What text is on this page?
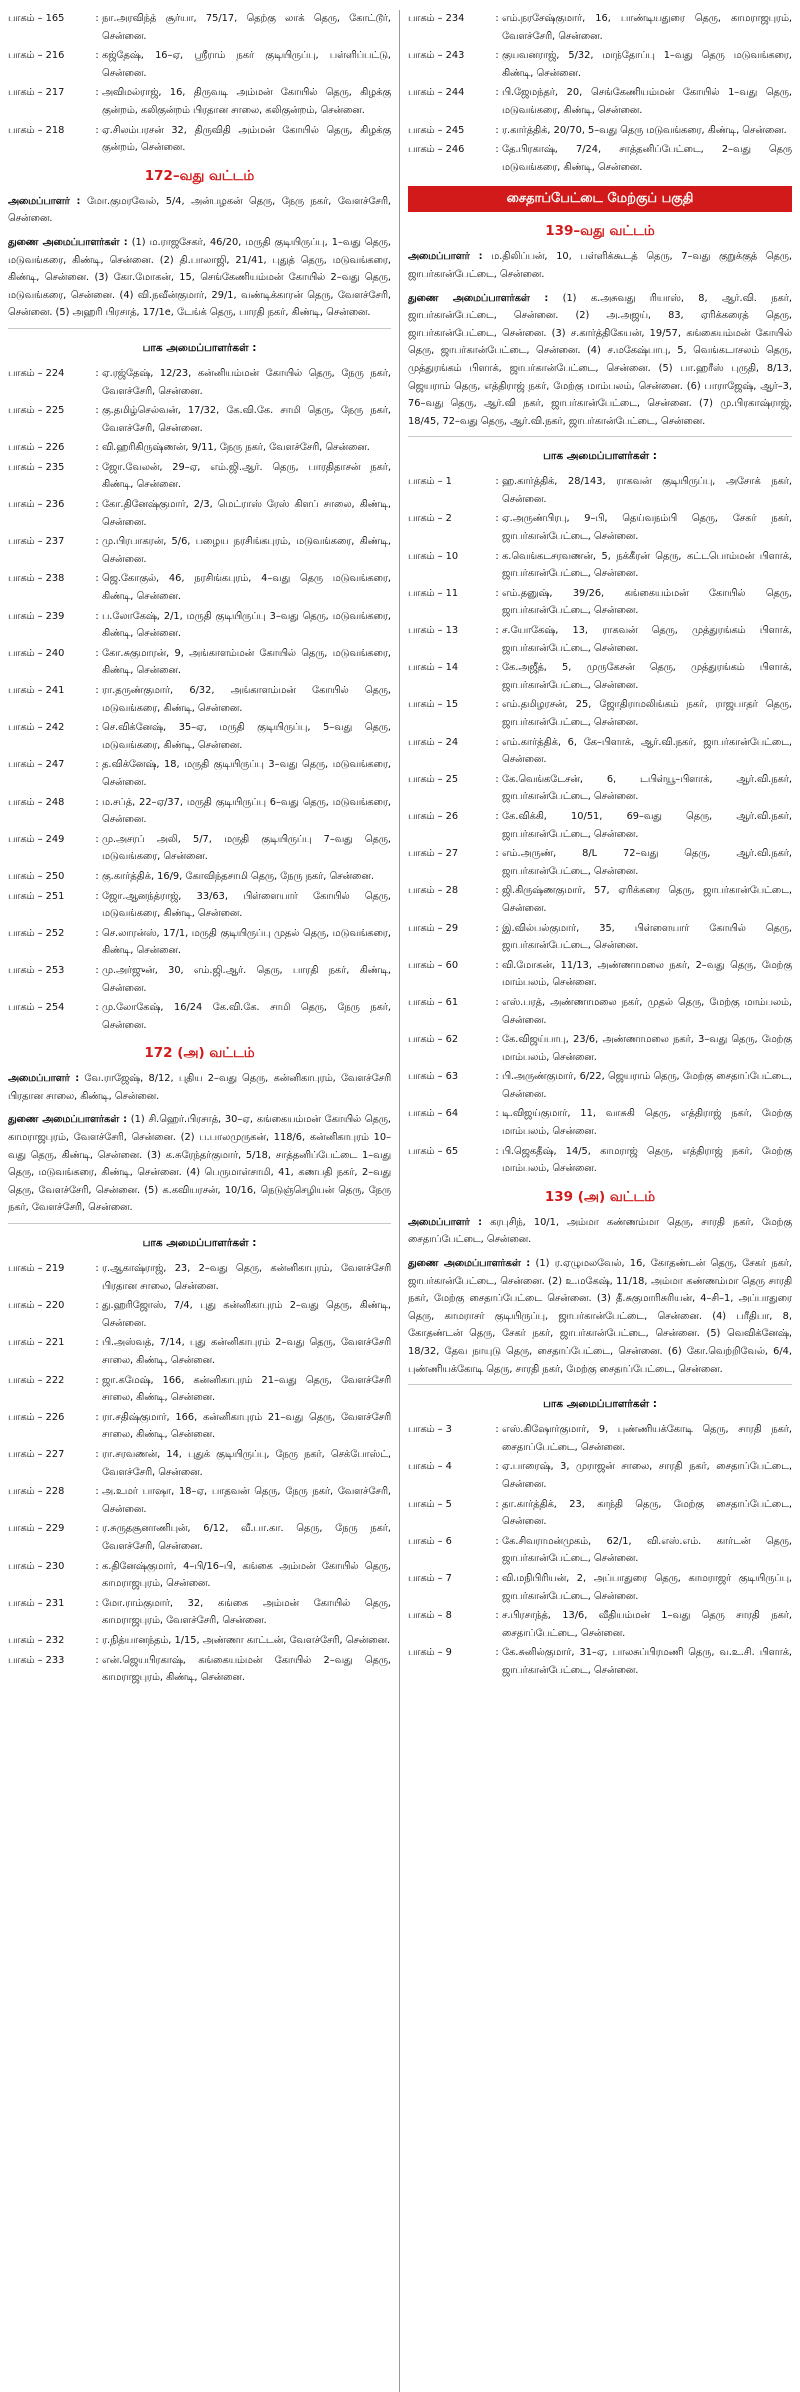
பாகம் – 165	: நா.அரவிந்த் சூர்யா, 75/17, தெற்கு லாக் தெரு, கோட்டூர், சென்னை.
பாகம் – 216	: கஜ்தேஷ், 16–ஏ, ஸ்ரீராம் நகர் குடியிருப்பு, பள்ளிப்பட்டு, சென்னை.
பாகம் – 217	: அவிமல்ராஜ், 16, திருவடி அம்மன் கோயில் தெரு, கிழக்கு குன்றம், கலிகுன்றம் பிரதான சாலை, கலிகுன்றம், சென்னை.
பாகம் – 218	: ஏ.சிலம்பரசன் 32, திருவிதி அம்மன் கோயில் தெரு, கிழக்கு குன்றம், சென்னை.
172–வது வட்டம்

அமைப்பாளர் : மோ.குமரவேல், 5/4, அன்பழகன் தெரு, நேரு நகர், வேளச்சேரி, சென்னை.

துணை அமைப்பாளர்கள் : (1) ம.ராஜசேகர், 46/20, மருதி குடியிருப்பு, 1–வது தெரு, மடுவங்கரை, கிண்டி, சென்னை. (2) தி.பாலாஜி, 21/41, புதுத் தெரு, மடுவங்கரை, கிண்டி, சென்னை. (3) கோ.மோகன், 15, செங்கேணியம்மன் கோயில் 2–வது தெரு, மடுவங்கரை, சென்னை. (4) வி.நவீன்குமார், 29/1, வண்டிக்காரன் தெரு, வேளச்சேரி, சென்னை. (5) அஹரி பிரசாத், 17/1e, டேங்க் தெரு, பாரதி நகர், கிண்டி, சென்னை.

பாக அமைப்பாளர்கள் :
பாகம் – 224	: ஏ.ரஜ்தேஷ், 12/23, கன்னியம்மன் கோயில் தெரு, நேரு நகர், வேளச்சேரி, சென்னை.
பாகம் – 225	: கு.தமிழ்செல்வன், 17/32, கே.வி.கே. சாமி தெரு, நேரு நகர், வேளச்சேரி, சென்னை.
பாகம் – 226	: வி.ஹரிகிருஷ்ணன், 9/11, நேரு நகர், வேளச்சேரி, சென்னை.
பாகம் – 235	: ஜோ.வேலன், 29–ஏ, எம்.ஜி.ஆர். தெரு, பாரதிதாசன் நகர், கிண்டி, சென்னை.
பாகம் – 236	: கோ.தினேஷ்குமார், 2/3, மெட்ராஸ் ரேஸ் கிளப் சாலை, கிண்டி, சென்னை.
பாகம் – 237	: மு.பிரபாகரன், 5/6, பழைய நரசிங்கபுரம், மடுவங்கரை, கிண்டி, சென்னை.
பாகம் – 238	: ஜெ.கோகுல், 46, நரசிங்கபுரம், 4–வது தெரு மடுவங்கரை, கிண்டி, சென்னை.
பாகம் – 239	: ப.லோகேஷ், 2/1, மருதி குடியிருப்பு 3–வது தெரு, மடுவங்கரை, கிண்டி, சென்னை.
பாகம் – 240	: கோ.சுகுமாரன், 9, அங்காளம்மன் கோயில் தெரு, மடுவங்கரை, கிண்டி, சென்னை.
பாகம் – 241	: ரா.தருண்குமார், 6/32, அங்காளம்மன் கோயில் தெரு, மடுவங்கரை, கிண்டி, சென்னை.
பாகம் – 242	: செ.விக்னேஷ், 35–ஏ, மருதி குடியிருப்பு, 5–வது தெரு, மடுவங்கரை, கிண்டி, சென்னை.
பாகம் – 247	: த.விக்னேஷ், 18, மருதி குடியிருப்பு 3–வது தெரு, மடுவங்கரை, சென்னை.
பாகம் – 248	: ம.சப்த், 22–ஏ/37, மருதி குடியிருப்பு 6–வது தெரு, மடுவங்கரை, சென்னை.
பாகம் – 249	: மு.அசரப் அலி, 5/7, மருதி குடியிருப்பு 7–வது தெரு, மடுவங்கரை, சென்னை.
பாகம் – 250	: கு.கார்த்திக், 16/9, கோவிந்தசாமி தெரு, நேரு நகர், சென்னை.
பாகம் – 251	: ஜோ.ஆனந்த்ராஜ், 33/63, பிள்ளையார் கோயில் தெரு, மடுவங்கரை, கிண்டி, சென்னை.
பாகம் – 252	: செ.லாரன்ஸ், 17/1, மருதி குடியிருப்பு முதல் தெரு, மடுவங்கரை, கிண்டி, சென்னை.
பாகம் – 253	: மு.அர்ஜுன், 30, எம்.ஜி.ஆர். தெரு, பாரதி நகர், கிண்டி, சென்னை.
பாகம் – 254	: மு.லோகேஷ், 16/24 கே.வி.கே. சாமி தெரு, நேரு நகர், சென்னை.
172 (அ) வட்டம்

அமைப்பாளர் : வே.ராஜேஷ், 8/12, புதிய 2–வது தெரு, கன்னிகாபுரம், வேளச்சேரி பிரதான சாலை, கிண்டி, சென்னை.

துணை அமைப்பாளர்கள் : (1) சி.ஹெர்.பிரசாத், 30–ஏ, கங்கையம்மன் கோயில் தெரு, காமராஜபுரம், வேளச்சேரி, சென்னை. (2) ப.பாலமுருகன், 118/6, கன்னிகாபுரம் 10–வது தெரு, கிண்டி, சென்னை. (3) க.சுரேந்தர்குமார், 5/18, சாத்தனிப்பேட்டை 1–வது தெரு, மடுவங்கரை, கிண்டி, சென்னை. (4) பெருமாள்சாமி, 41, கணபதி நகர், 2–வது தெரு, வேளச்சேரி, சென்னை. (5) க.கவியரசன், 10/16, நெடுஞ்செழியன் தெரு, நேரு நகர், வேளச்சேரி, சென்னை.

பாக அமைப்பாளர்கள் :
பாகம் – 219	: ர.ஆகாஷ்ராஜ், 23, 2–வது தெரு, கன்னிகாபுரம், வேளச்சேரி பிரதான சாலை, சென்னை.
பாகம் – 220	: து.ஹரிஜோஸ், 7/4, புது கன்னிகாபுரம் 2–வது தெரு, கிண்டி, சென்னை.
பாகம் – 221	: பி.அஸ்வத், 7/14, புது கன்னிகாபுரம் 2–வது தெரு, வேளச்சேரி சாலை, கிண்டி, சென்னை.
பாகம் – 222	: ஜா.கமேஷ், 166, கன்னிகாபுரம் 21–வது தெரு, வேளச்சேரி சாலை, கிண்டி, சென்னை.
பாகம் – 226	: ரா.சதிஷ்குமார், 166, கன்னிகாபுரம் 21–வது தெரு, வேளச்சேரி சாலை, கிண்டி, சென்னை.
பாகம் – 227	: ரா.சரவணன், 14, புதுக் குடியிருப்பு, நேரு நகர், செக்போஸ்ட், வேளச்சேரி, சென்னை.
பாகம் – 228	: அ.உமர் பாஷா, 18–ஏ, பாதவன் தெரு, நேரு நகர், வேளச்சேரி, சென்னை.
பாகம் – 229	: ர.சுருதசூனாணிபுன், 6/12, வீ.பா.கா. தெரு, நேரு நகர், வேளச்சேரி, சென்னை.
பாகம் – 230	: க.தினேஷ்குமார், 4–பி/16–பி, கங்கை அம்மன் கோயில் தெரு, காமராஜபுரம், சென்னை.
பாகம் – 231	: மோ.ராம்குமார், 32, கங்கை அம்மன் கோயில் தெரு, காமராஜபுரம், வேளச்சேரி, சென்னை.
பாகம் – 232	: ர.நித்யானந்தம், 1/15, அண்ணா காட்டன், வேளச்சேரி, சென்னை.
பாகம் – 233	: என்.ஜெயபிரகாஷ், கங்கையம்மன் கோயில் 2–வது தெரு, காமராஜபுரம், கிண்டி, சென்னை.
பாகம் – 234	: எம்.நரசேஷ்குமார், 16, பாண்டியதுரை தெரு, காமராஜபுரம், வேளச்சேரி, சென்னை.
பாகம் – 243	: குயவனராஜ், 5/32, மாந்தோப்பு 1–வது தெரு மடுவங்கரை, கிண்டி, சென்னை.
பாகம் – 244	: பி.ஜேமந்தர், 20, செங்கேணியம்மன் கோயில் 1–வது தெரு, மடுவங்கரை, கிண்டி, சென்னை.
பாகம் – 245	: ர.கார்த்திக், 20/70, 5–வது தெரு மடுவங்கரை, கிண்டி, சென்னை.
பாகம் – 246	: தே.பிரகாஷ், 7/24, சாத்தனிப்பேட்டை, 2–வது தெரு மடுவங்கரை, கிண்டி, சென்னை.
சைதாப்பேட்டை மேற்குப் பகுதி
139–வது வட்டம்

அமைப்பாளர் : ம.திலிப்பன், 10, பள்ளிக்கூடத் தெரு, 7–வது குறுக்குத் தெரு, ஜாபர்கான்பேட்டை, சென்னை.

துணை அமைப்பாளர்கள் : (1) க.அசுவது ரியாஸ், 8, ஆர்.வி. நகர், ஜாபர்கான்பேட்டை, சென்னை. (2) அ.அஜய், 83, ஏரிக்கரைத் தெரு, ஜாபர்கான்பேட்டை, சென்னை. (3) ச.கார்த்திகேயன், 19/57, கங்கையம்மன் கோயில் தெரு, ஜாபர்கான்பேட்டை, சென்னை. (4) ச.மகேஷ்பாபு, 5, வெங்கடாசலம் தெரு, முத்துரங்கம் பிளாக், ஜாபர்கான்பேட்டை, சென்னை. (5) பா.ஹரீஸ் புருதி, 8/13, ஜெயராம் தெரு, எத்திராஜ் நகர், மேற்கு மாம்பலம், சென்னை. (6) பாராஜேஷ், ஆர்–3, 76–வது தெரு, ஆர்.வி நகர், ஜாபர்கான்பேட்டை, சென்னை. (7) மு.பிரகாஷ்ராஜ், 18/45, 72–வது தெரு, ஆர்.வி.நகர், ஜாபர்கான்பேட்டை, சென்னை.

பாக அமைப்பாளர்கள் :
பாகம் – 1	: ஹ.கார்த்திக், 28/143, ராகவன் குடியிருப்பு, அசோக் நகர், சென்னை.
பாகம் – 2	: ஏ.அருண்பிரபு, 9–பி, தெய்வநம்பி தெரு, சேகர் நகர், ஜாபர்கான்பேட்டை, சென்னை.
பாகம் – 10	: க.வெங்கடசரவணன், 5, நக்கீரன் தெரு, கட்டபொம்மன் பிளாக், ஜாபர்கான்பேட்டை, சென்னை.
பாகம் – 11	: எம்.தனுஷ், 39/26, கங்கையம்மன் கோயில் தெரு, ஜாபர்கான்பேட்டை, சென்னை.
பாகம் – 13	: ச.யோகேஷ், 13, ராகவன் தெரு, முத்துரங்கம் பிளாக், ஜாபர்கான்பேட்டை, சென்னை.
பாகம் – 14	: கே.அஜீத், 5, முருகேசன் தெரு, முத்துரங்கம் பிளாக், ஜாபர்கான்பேட்டை, சென்னை.
பாகம் – 15	: எம்.தமிழரசன், 25, ஜோதிராமலிங்கம் நகர், ராஜபாதர் தெரு, ஜாபர்கான்பேட்டை, சென்னை.
பாகம் – 24	: எம்.கார்த்திக், 6, கே–பிளாக், ஆர்.வி.நகர், ஜாபர்கான்பேட்டை, சென்னை.
பாகம் – 25	: கே.வெங்கடேசன், 6, டபிள்யூ–பிளாக், ஆர்.வி.நகர், ஜாபர்கான்பேட்டை, சென்னை.
பாகம் – 26	: கே.விக்கி, 10/51, 69–வது தெரு, ஆர்.வி.நகர், ஜாபர்கான்பேட்டை, சென்னை.
பாகம் – 27	: எம்.அருண், 8/L 72–வது தெரு, ஆர்.வி.நகர், ஜாபர்கான்பேட்டை, சென்னை.
பாகம் – 28	: ஜி.கிருஷ்ணகுமார், 57, ஏரிக்கரை தெரு, ஜாபர்கான்பேட்டை, சென்னை.
பாகம் – 29	: இ.வில்பல்குமார், 35, பிள்ளையார் கோயில் தெரு, ஜாபர்கான்பேட்டை, சென்னை.
பாகம் – 60	: வி.மோகன், 11/13, அண்ணாமலை நகர், 2–வது தெரு, மேற்கு மாம்பலம், சென்னை.
பாகம் – 61	: எஸ்.பரத், அண்ணாமலை நகர், முதல் தெரு, மேற்கு மாம்பலம், சென்னை.
பாகம் – 62	: கே.விஜய்பாபு, 23/6, அண்ணாமலை நகர், 3–வது தெரு, மேற்கு மாம்பலம், சென்னை.
பாகம் – 63	: பி.அருண்குமார், 6/22, ஜெயராம் தெரு, மேற்கு சைதாப்பேட்டை, சென்னை.
பாகம் – 64	: டி.விஜய்குமார், 11, வாசுகி தெரு, எத்திராஜ் நகர், மேற்கு மாம்பலம், சென்னை.
பாகம் – 65	: பி.ஜெகதீஷ், 14/5, காமராஜ் தெரு, எத்திராஜ் நகர், மேற்கு மாம்பலம், சென்னை.
139 (அ) வட்டம்

அமைப்பாளர் : கரபுசிந், 10/1, அம்மா கண்ணம்மா தெரு, சாரதி நகர், மேற்கு சைதாப்பேட்டை, சென்னை.

துணை அமைப்பாளர்கள் : (1) ர.ஏழுமலவேல், 16, கோதண்டன் தெரு, சேகர் நகர், ஜாபர்கான்பேட்டை, சென்னை. (2) உ.மகேஷ், 11/18, அம்மா கண்ணம்மா தெரு சாரதி நகர், மேற்கு சைதாப்பேட்டை சென்னை. (3) தீ.சுகுமாரிசுரியன், 4–சி–1, அப்பாதுரை தெரு, காமராசர் குடியிருப்பு, ஜாபர்கான்பேட்டை, சென்னை. (4) பரீதிபா, 8, கோதண்டன் தெரு, சேகர் நகர், ஜாபர்கான்பேட்டை, சென்னை. (5) வெவிக்னேஷ், 18/32, தேவ நாயுடு தெரு, சைதாப்பேட்டை, சென்னை. (6) கோ.வெற்றிவேல், 6/4, புண்ணியக்கோடி தெரு, சாரதி நகர், மேற்கு சைதாப்பேட்டை, சென்னை.

பாக அமைப்பாளர்கள் :
பாகம் – 3	: எஸ்.கிஷோர்குமார், 9, புண்ணியக்கோடி தெரு, சாரதி நகர், சைதாப்பேட்டை, சென்னை.
பாகம் – 4	: ஏ.பாரைஷ், 3, முராஜன் சாலை, சாரதி நகர், சைதாப்பேட்டை, சென்னை.
பாகம் – 5	: தா.கார்த்திக், 23, காந்தி தெரு, மேற்கு சைதாப்பேட்டை, சென்னை.
பாகம் – 6	: கே.சிவராமன்முகம், 62/1, வி.எஸ்.எம். கார்டன் தெரு, ஜாபர்கான்பேட்டை, சென்னை.
பாகம் – 7	: வி.மநிபிரியன், 2, அப்பாதுரை தெரு, காமராஜர் குடியிருப்பு, ஜாபர்கான்பேட்டை, சென்னை.
பாகம் – 8	: ச.பிரசாந்த், 13/6, வீதியம்மன் 1–வது தெரு சாரதி நகர், சைதாப்பேட்டை, சென்னை.
பாகம் – 9	: கே.சுனில்குமார், 31–ஏ, பாலசுப்பிரமணி தெரு, வ.உ.சி. பிளாக், ஜாபர்கான்பேட்டை, சென்னை.
